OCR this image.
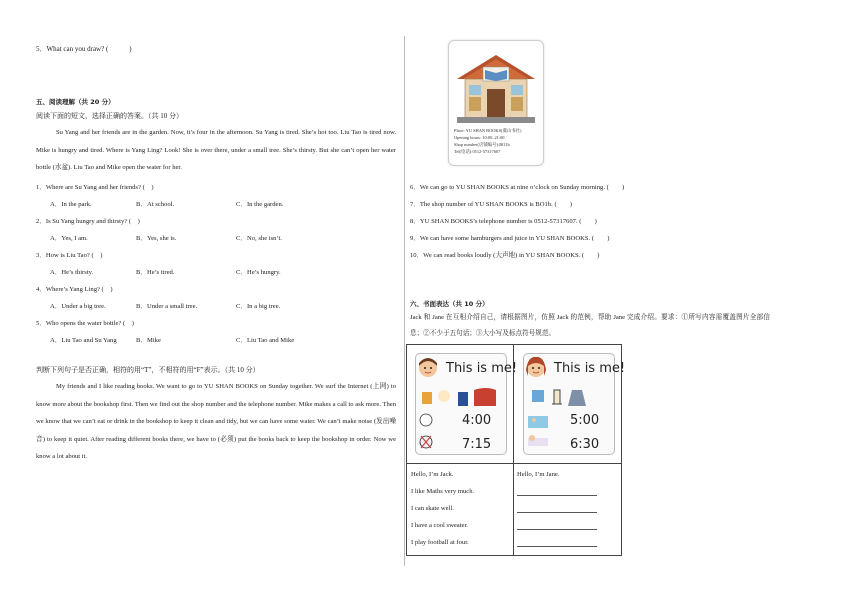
5．What can you draw? (　　　)
五、阅读理解（共 20 分）
阅读下面的短文，选择正确的答案。（共 10 分）
Su Yang and her friends are in the garden. Now, it’s four in the afternoon. Su Yang is tired. She’s hot too. Liu Tao is tired now. Mike is hungry and tired. Where is Yang Ling? Look! She is over there, under a small tree. She’s thirsty. But she can’t open her water bottle (水盆). Liu Tao and Mike open the water for her.
1．Where are Su Yang and her friends? (　)
A．In the park.	B．At school.	C．In the garden.
2．Is Su Yang hungry and thirsty? (　)
A．Yes, I am.	B．Yes, she is.	C．No, she isn’t.
3．How is Liu Tao? (　)
A．He’s thirsty.	B．He’s tired.	C．He’s hungry.
4．Where’s Yang Ling? (　)
A．Under a big tree.	B．Under a small tree.	C．In a big tree.
5．Who opens the water bottle? (　)
A．Liu Tao and Su Yang	B．Mike	C．Liu Tao and Mike
判断下列句子是否正确，相符的用“T”，不相符的用“F”表示。（共 10 分）
My friends and I like reading books. We want to go to YU SHAN BOOKS on Sunday together. We surf the Internet (上网) to know more about the bookshop first. Then we find out the shop number and the telephone number. Mike makes a call to ask more. Then we know that we can’t eat or drink in the bookshop to keep it clean and tidy, but we can have some water. We can’t make noise (发出噪音) to keep it quiet. After reading different books there, we have to (必须) put the books back to keep the bookshop in order. Now we know a lot about it.
Place: YU SHAN BOOKS(虞山书社)
Opening hours: 10:00–21:00
Shop number(店铺编号):BO1b
Tel(电话):0512-57317607
6．We can go to YU SHAN BOOKS at nine o’clock on Sunday morning. (　　)
7．The shop number of YU SHAN BOOKS is BO1b. (　　)
8．YU SHAN BOOKS’s telephone number is 0512-57317607. (　　)
9．We can have some hamburgers and juice in YU SHAN BOOKS. (　　)
10．We can read books loudly (大声地) in YU SHAN BOOKS. (　　)
六、书面表达（共 10 分）
Jack 和 Jane 在互相介绍自己，请根据图片，仿照 Jack 的范例，帮助 Jane 完成介绍。要求：①所写内容需覆盖图片全部信息；②不少于五句话；③大小写及标点符号规范。
This is me!
4:00
7:15
This is me!
5:00
6:30
Hello, I’m Jack.
I like Maths very much.
I can skate well.
I have a cool sweater.
I play football at four.
Hello, I’m Jane.
